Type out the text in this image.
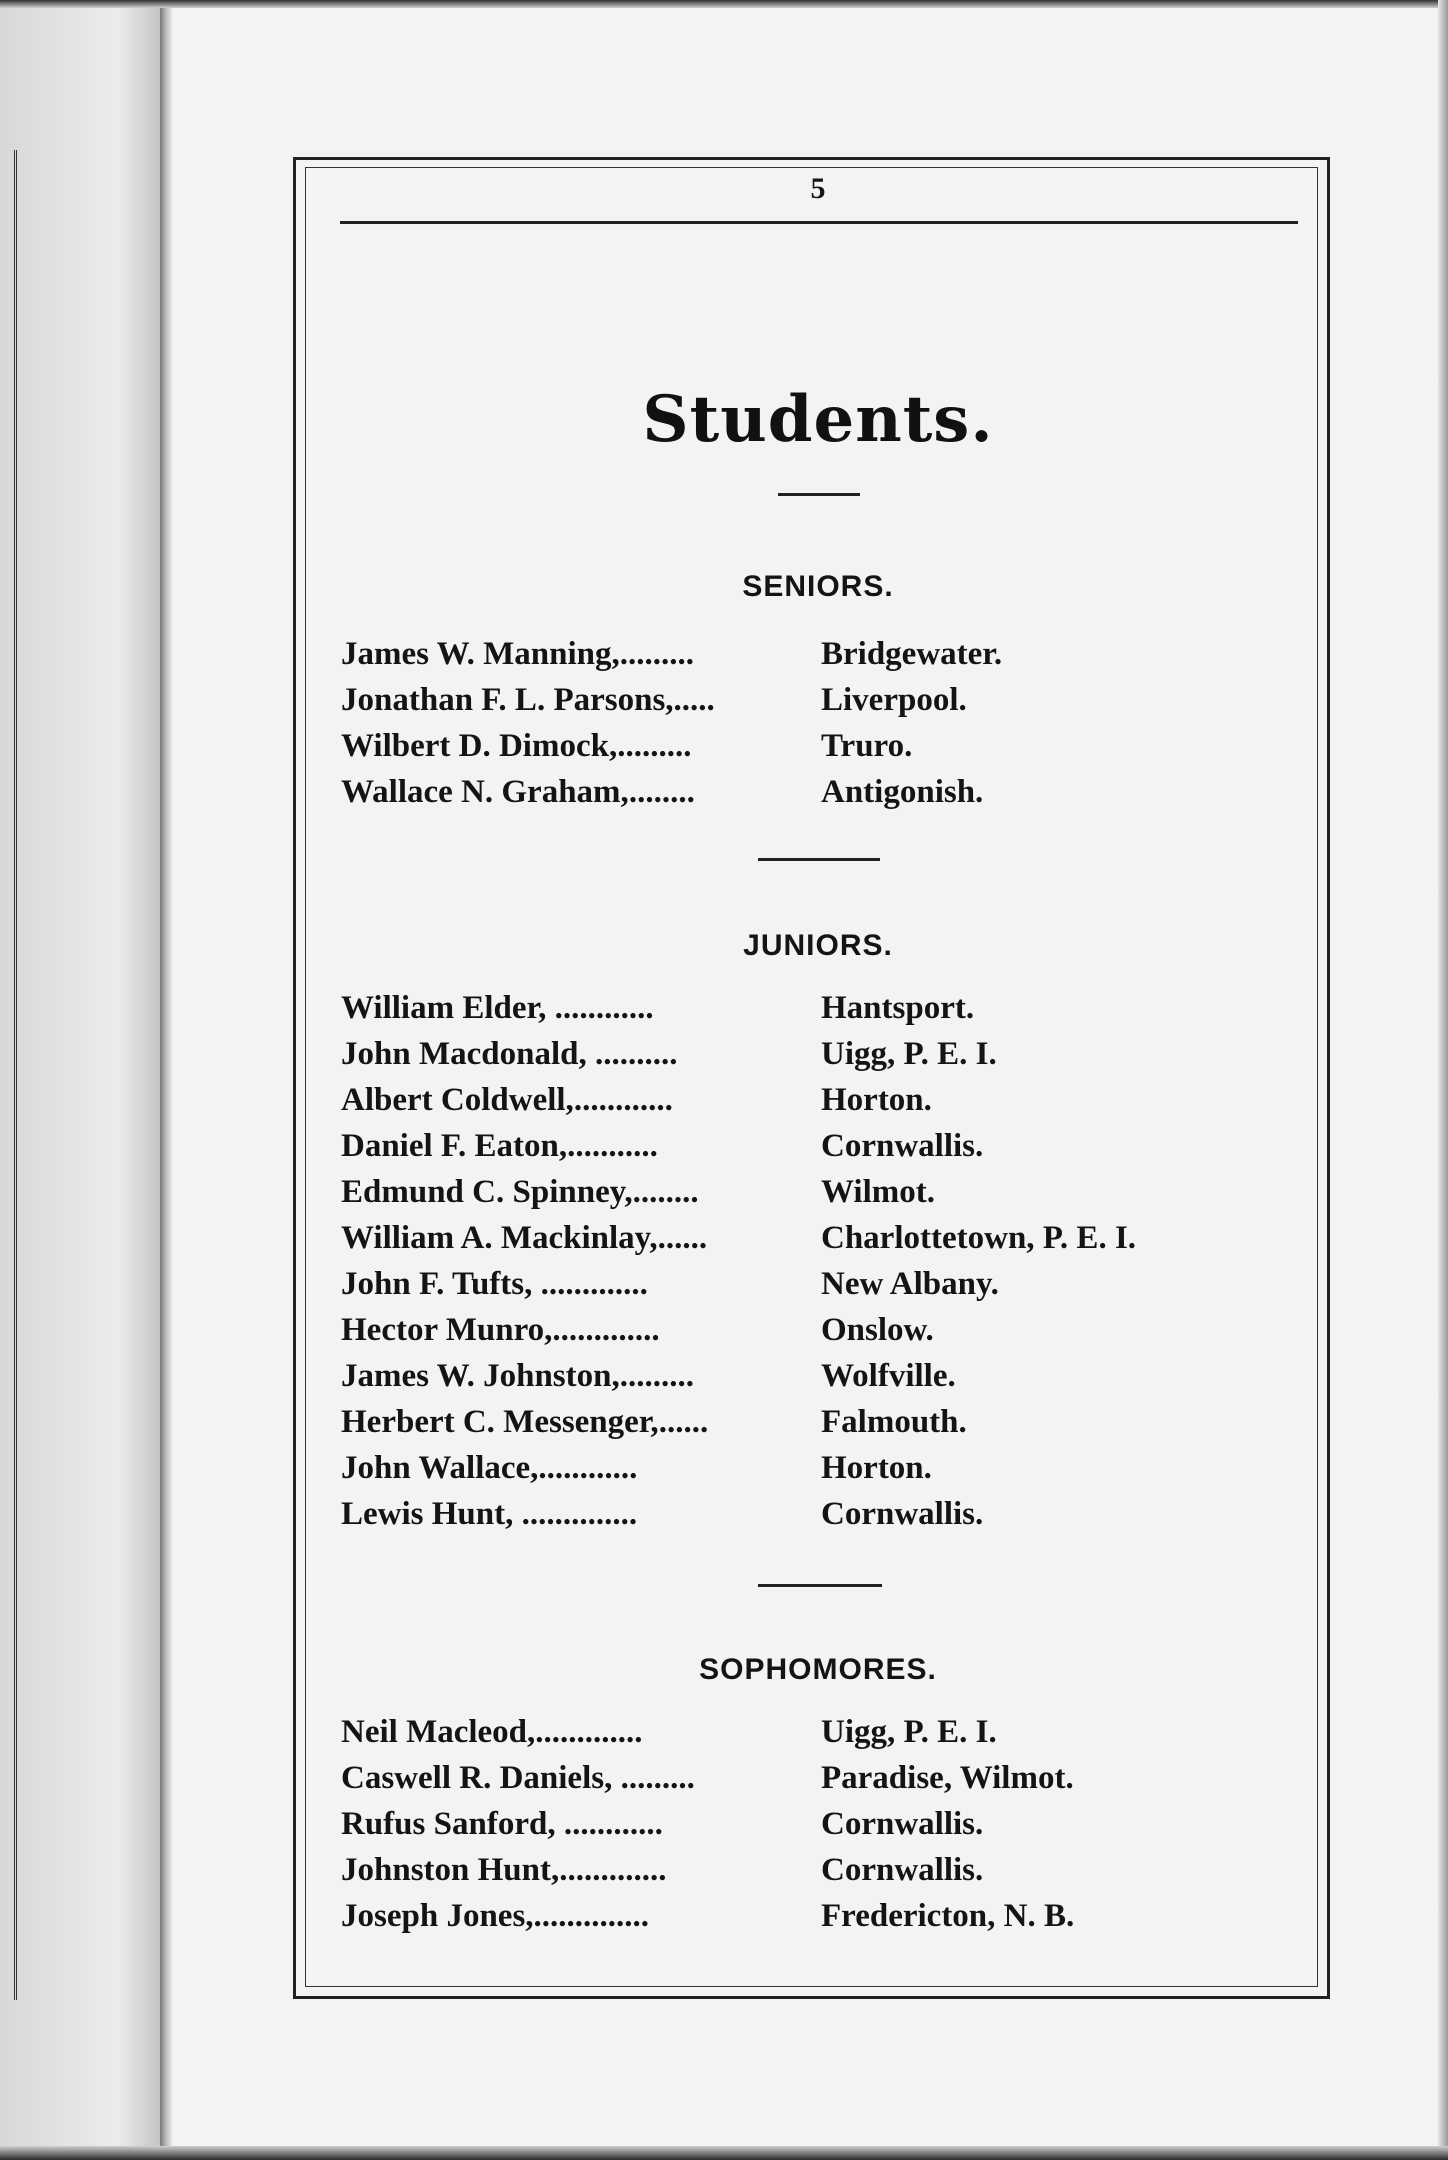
5
Students.
SENIORS.
James W. Manning,.........	Bridgewater.
Jonathan F. L. Parsons,.....	Liverpool.
Wilbert D. Dimock,.........	Truro.
Wallace N. Graham,........	Antigonish.
JUNIORS.
William Elder, ............	Hantsport.
John Macdonald, ..........	Uigg, P. E. I.
Albert Coldwell,............	Horton.
Daniel F. Eaton,...........	Cornwallis.
Edmund C. Spinney,........	Wilmot.
William A. Mackinlay,......	Charlottetown, P. E. I.
John F. Tufts, .............	New Albany.
Hector Munro,.............	Onslow.
James W. Johnston,.........	Wolfville.
Herbert C. Messenger,......	Falmouth.
John Wallace,............	Horton.
Lewis Hunt, ..............	Cornwallis.
SOPHOMORES.
Neil Macleod,.............	Uigg, P. E. I.
Caswell R. Daniels, .........	Paradise, Wilmot.
Rufus Sanford, ............	Cornwallis.
Johnston Hunt,.............	Cornwallis.
Joseph Jones,..............	Fredericton, N. B.
